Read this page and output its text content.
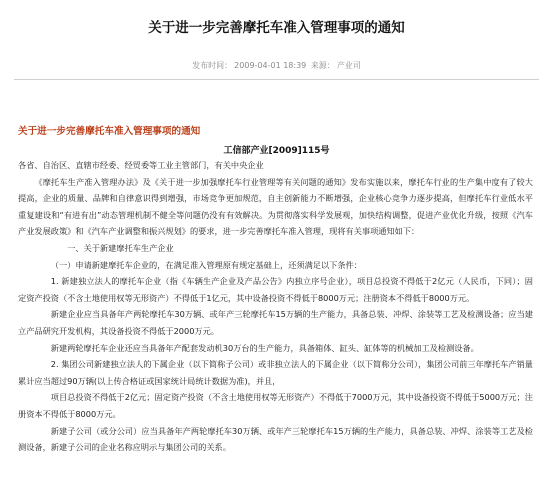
关于进一步完善摩托车准入管理事项的通知
发布时间： 2009-04-01 18:39 来源： 产业司
关于进一步完善摩托车准入管理事项的通知
工信部产业[2009]115号

各省、自治区、直辖市经委、经贸委等工业主管部门，有关中央企业

《摩托车生产准入管理办法》及《关于进一步加强摩托车行业管理等有关问题的通知》发布实施以来，摩托车行业的生产集中度有了较大提高，企业的质量、品牌和自律意识得到增强，市场竞争更加规范，自主创新能力不断增强，企业核心竞争力逐步提高，但摩托车行业低水平重复建设和“有进有出”动态管理机制不健全等问题仍没有有效解决。为贯彻落实科学发展观，加快结构调整，促进产业优化升级，按照《汽车产业发展政策》和《汽车产业调整和振兴规划》的要求，进一步完善摩托车准入管理，现将有关事项通知如下：

一、关于新建摩托车生产企业

（一）申请新建摩托车企业的，在满足准入管理原有规定基础上，还须满足以下条件：

1. 新建独立法人的摩托车企业（指《车辆生产企业及产品公告》内独立序号企业），项目总投资不得低于2亿元（人民币，下同）；固定资产投资（不含土地使用权等无形资产）不得低于1亿元，其中设备投资不得低于8000万元；注册资本不得低于8000万元。

新建企业应当具备年产两轮摩托车30万辆、或年产三轮摩托车15万辆的生产能力，具备总装、冲焊、涂装等工艺及检测设备；应当建立产品研究开发机构，其设备投资不得低于2000万元。

新建两轮摩托车企业还应当具备年产配套发动机30万台的生产能力，具备箱体、缸头、缸体等的机械加工及检测设备。

2. 集团公司新建独立法人的下属企业（以下简称子公司）或非独立法人的下属企业（以下简称分公司），集团公司前三年摩托车产销量累计应当超过90万辆(以上传合格证或国家统计局统计数据为准)，并且，

项目总投资不得低于2亿元；固定资产投资（不含土地使用权等无形资产）不得低于7000万元，其中设备投资不得低于5000万元；注册资本不得低于8000万元。

新建子公司（或分公司）应当具备年产两轮摩托车30万辆、或年产三轮摩托车15万辆的生产能力，具备总装、冲焊、涂装等工艺及检测设备，新建子公司的企业名称应明示与集团公司的关系。
